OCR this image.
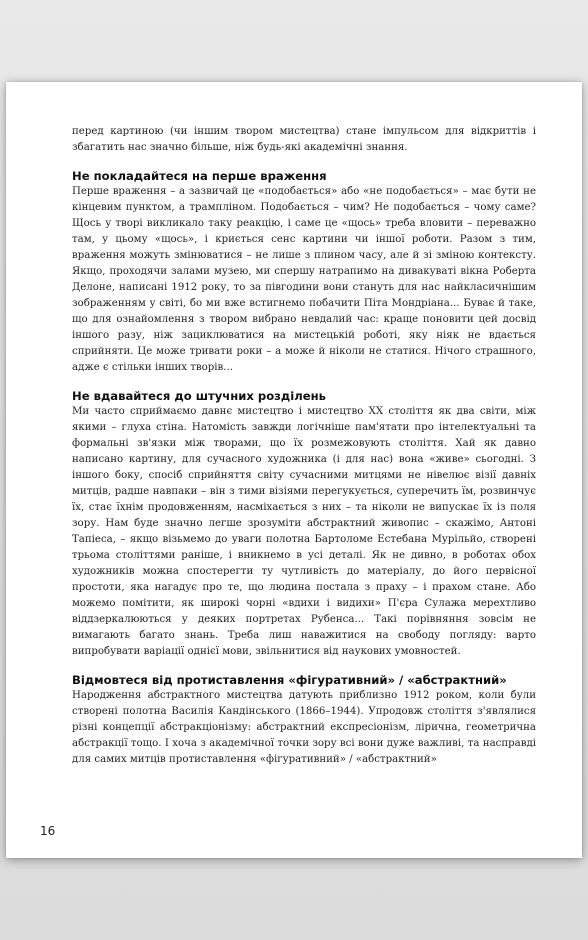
перед картиною (чи іншим твором мистецтва) стане імпульсом для відкриттів і збагатить нас значно більше, ніж будь-які академічні знання.

Не покладайтеся на перше враження

Перше враження – а зазвичай це «подобається» або «не подобається» – має бути не кінцевим пунктом, а трампліном. Подобається – чим? Не подобається – чому саме? Щось у творі викликало таку реакцію, і саме це «щось» треба вловити – переважно там, у цьому «щось», і криється сенс картини чи іншої роботи. Разом з тим, враження можуть змінюватися – не лише з плином часу, але й зі зміною контексту. Якщо, проходячи залами музею, ми спершу натрапимо на дивакуваті вікна Роберта Делоне, написані 1912 року, то за півгодини вони стануть для нас найкласичнішим зображенням у світі, бо ми вже встигнемо побачити Піта Мондріана... Буває й таке, що для ознайомлення з твором вибрано невдалий час: краще поновити цей досвід іншого разу, ніж зациклюватися на мистецькій роботі, яку ніяк не вдається сприйняти. Це може тривати роки – а може й ніколи не статися. Нічого страшного, адже є стільки інших творів...

Не вдавайтеся до штучних розділень

Ми часто сприймаємо давнє мистецтво і мистецтво XX століття як два світи, між якими – глуха стіна. Натомість завжди логічніше пам'ятати про інтелектуальні та формальні зв'язки між творами, що їх розмежовують століття. Хай як давно написано картину, для сучасного художника (і для нас) вона «живе» сьогодні. З іншого боку, спосіб сприйняття світу сучасними митцями не нівелює візії давніх митців, радше навпаки – він з тими візіями перегукується, суперечить їм, розвинчує їх, стає їхнім продовженням, насміхається з них – та ніколи не випускає їх із поля зору. Нам буде значно легше зрозуміти абстрактний живопис – скажімо, Антоні Тапіеса, – якщо візьмемо до уваги полотна Бартоломе Естебана Мурільйо, створені трьома століттями раніше, і вникнемо в усі деталі. Як не дивно, в роботах обох художників можна спостерегти ту чутливість до матеріалу, до його первісної простоти, яка нагадує про те, що людина постала з праху – і прахом стане. Або можемо помітити, як широкі чорні «вдихи і видихи» П'єра Сулажа мерехтливо віддзеркалюються у деяких портретах Рубенса... Такі порівняння зовсім не вимагають багато знань. Треба лиш наважитися на свободу погляду: варто випробувати варіації однієї мови, звільнитися від наукових умовностей.

Відмовтеся від протиставлення «фігуративний» / «абстрактний»

Народження абстрактного мистецтва датують приблизно 1912 роком, коли були створені полотна Василія Кандінського (1866–1944). Упродовж століття з'являлися різні концепції абстракціонізму: абстрактний експресіонізм, лірична, геометрична абстракції тощо. І хоча з академічної точки зору всі вони дуже важливі, та насправді для самих митців протиставлення «фігуративний» / «абстрактний»

16
